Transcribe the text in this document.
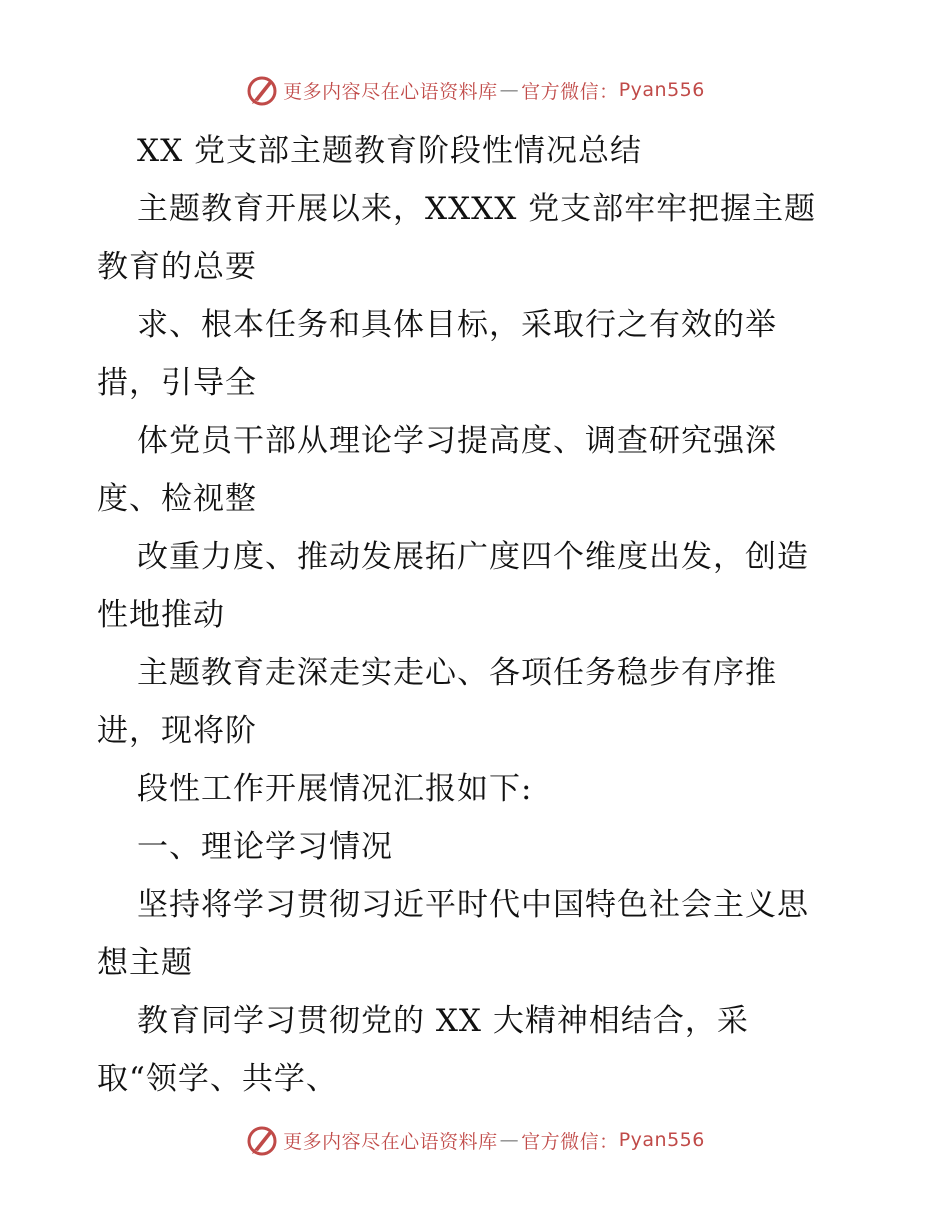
更多内容尽在心语资料库 — 官方微信： Pyan556
XX 党支部主题教育阶段性情况总结
主题教育开展以来，XXXX 党支部牢牢把握主题
教育的总要
求、根本任务和具体目标，采取行之有效的举
措，引导全
体党员干部从理论学习提高度、调查研究强深
度、检视整
改重力度、推动发展拓广度四个维度出发，创造
性地推动
主题教育走深走实走心、各项任务稳步有序推
进，现将阶
段性工作开展情况汇报如下:
一、理论学习情况
坚持将学习贯彻习近平时代中国特色社会主义思
想主题
教育同学习贯彻党的 XX 大精神相结合，采
取“领学、共学、
更多内容尽在心语资料库 — 官方微信： Pyan556
